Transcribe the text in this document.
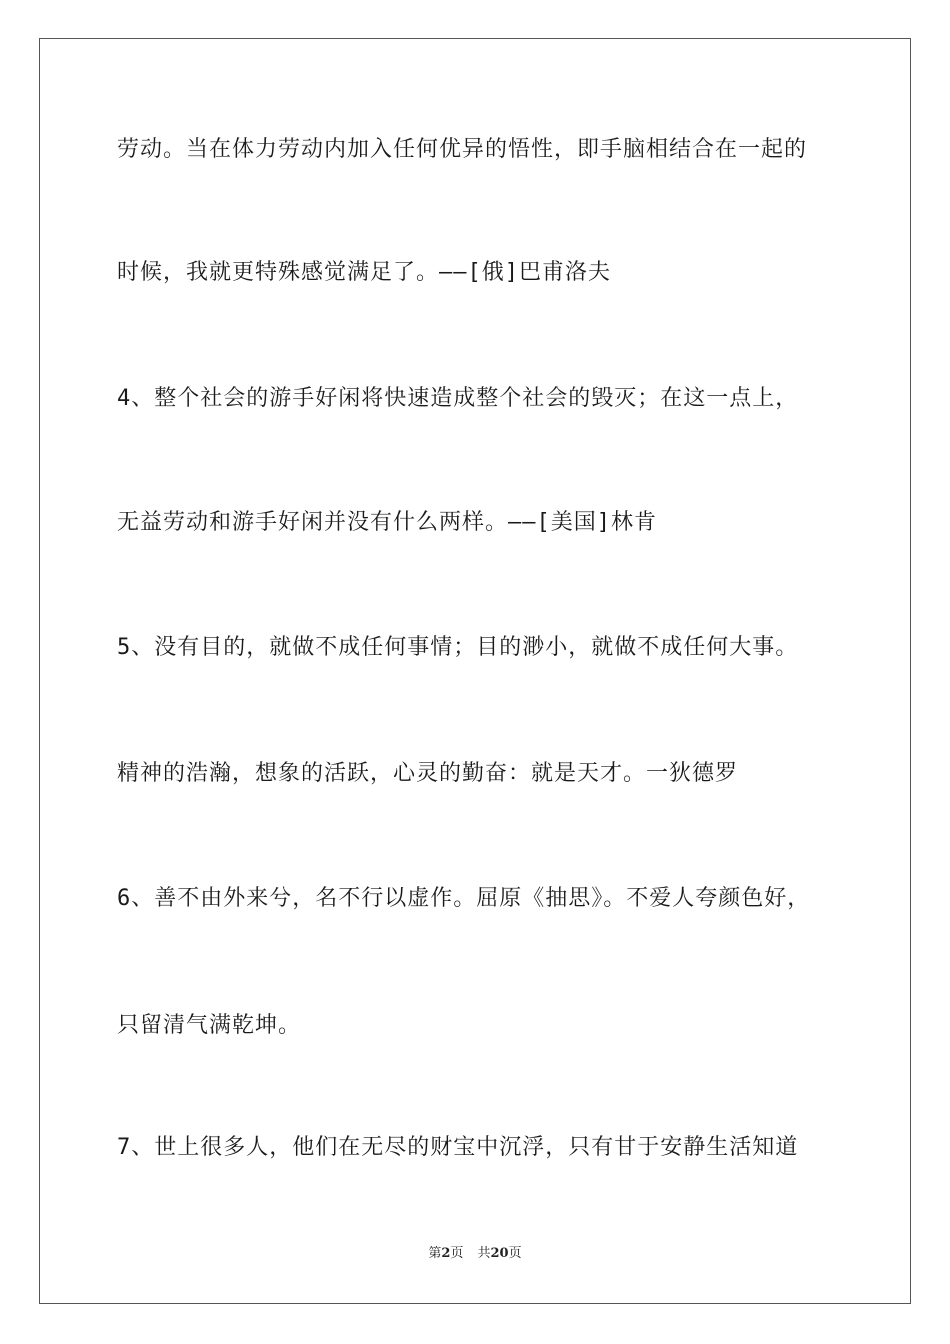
劳动。当在体力劳动内加入任何优异的悟性，即手脑相结合在一起的

时候，我就更特殊感觉满足了。——[俄]巴甫洛夫

4、整个社会的游手好闲将快速造成整个社会的毁灭；在这一点上，

无益劳动和游手好闲并没有什么两样。——[美国]林肯

5、没有目的，就做不成任何事情；目的渺小，就做不成任何大事。

精神的浩瀚，想象的活跃，心灵的勤奋：就是天才。一狄德罗

6、善不由外来兮，名不行以虚作。屈原《抽思》。不爱人夸颜色好，

只留清气满乾坤。

7、世上很多人，他们在无尽的财宝中沉浮，只有甘于安静生活知道

第2页 共20页
